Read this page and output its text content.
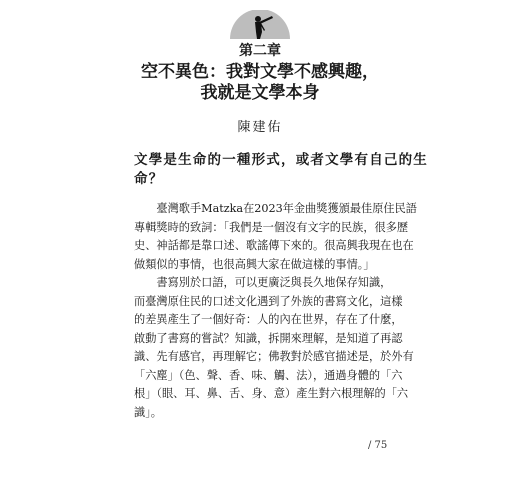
第二章
空不異色：我對文學不感興趣，
我就是文學本身
陳建佑
文學是生命的一種形式，或者文學有自己的生
命？
　　臺灣歌手Matzka在2023年金曲獎獲頒最佳原住民語
專輯獎時的致詞：「我們是一個沒有文字的民族，很多歷
史、神話都是靠口述、歌謠傳下來的。很高興我現在也在
做類似的事情，也很高興大家在做這樣的事情。」
　　書寫別於口語，可以更廣泛與長久地保存知識，
而臺灣原住民的口述文化遇到了外族的書寫文化，這樣
的差異產生了一個好奇：人的內在世界，存在了什麼，
啟動了書寫的嘗試？知識，拆開來理解，是知道了再認
識、先有感官，再理解它；佛教對於感官描述是，於外有
「六塵」（色、聲、香、味、觸、法），通過身體的「六
根」（眼、耳、鼻、舌、身、意）產生對六根理解的「六
識」。
/ 75
